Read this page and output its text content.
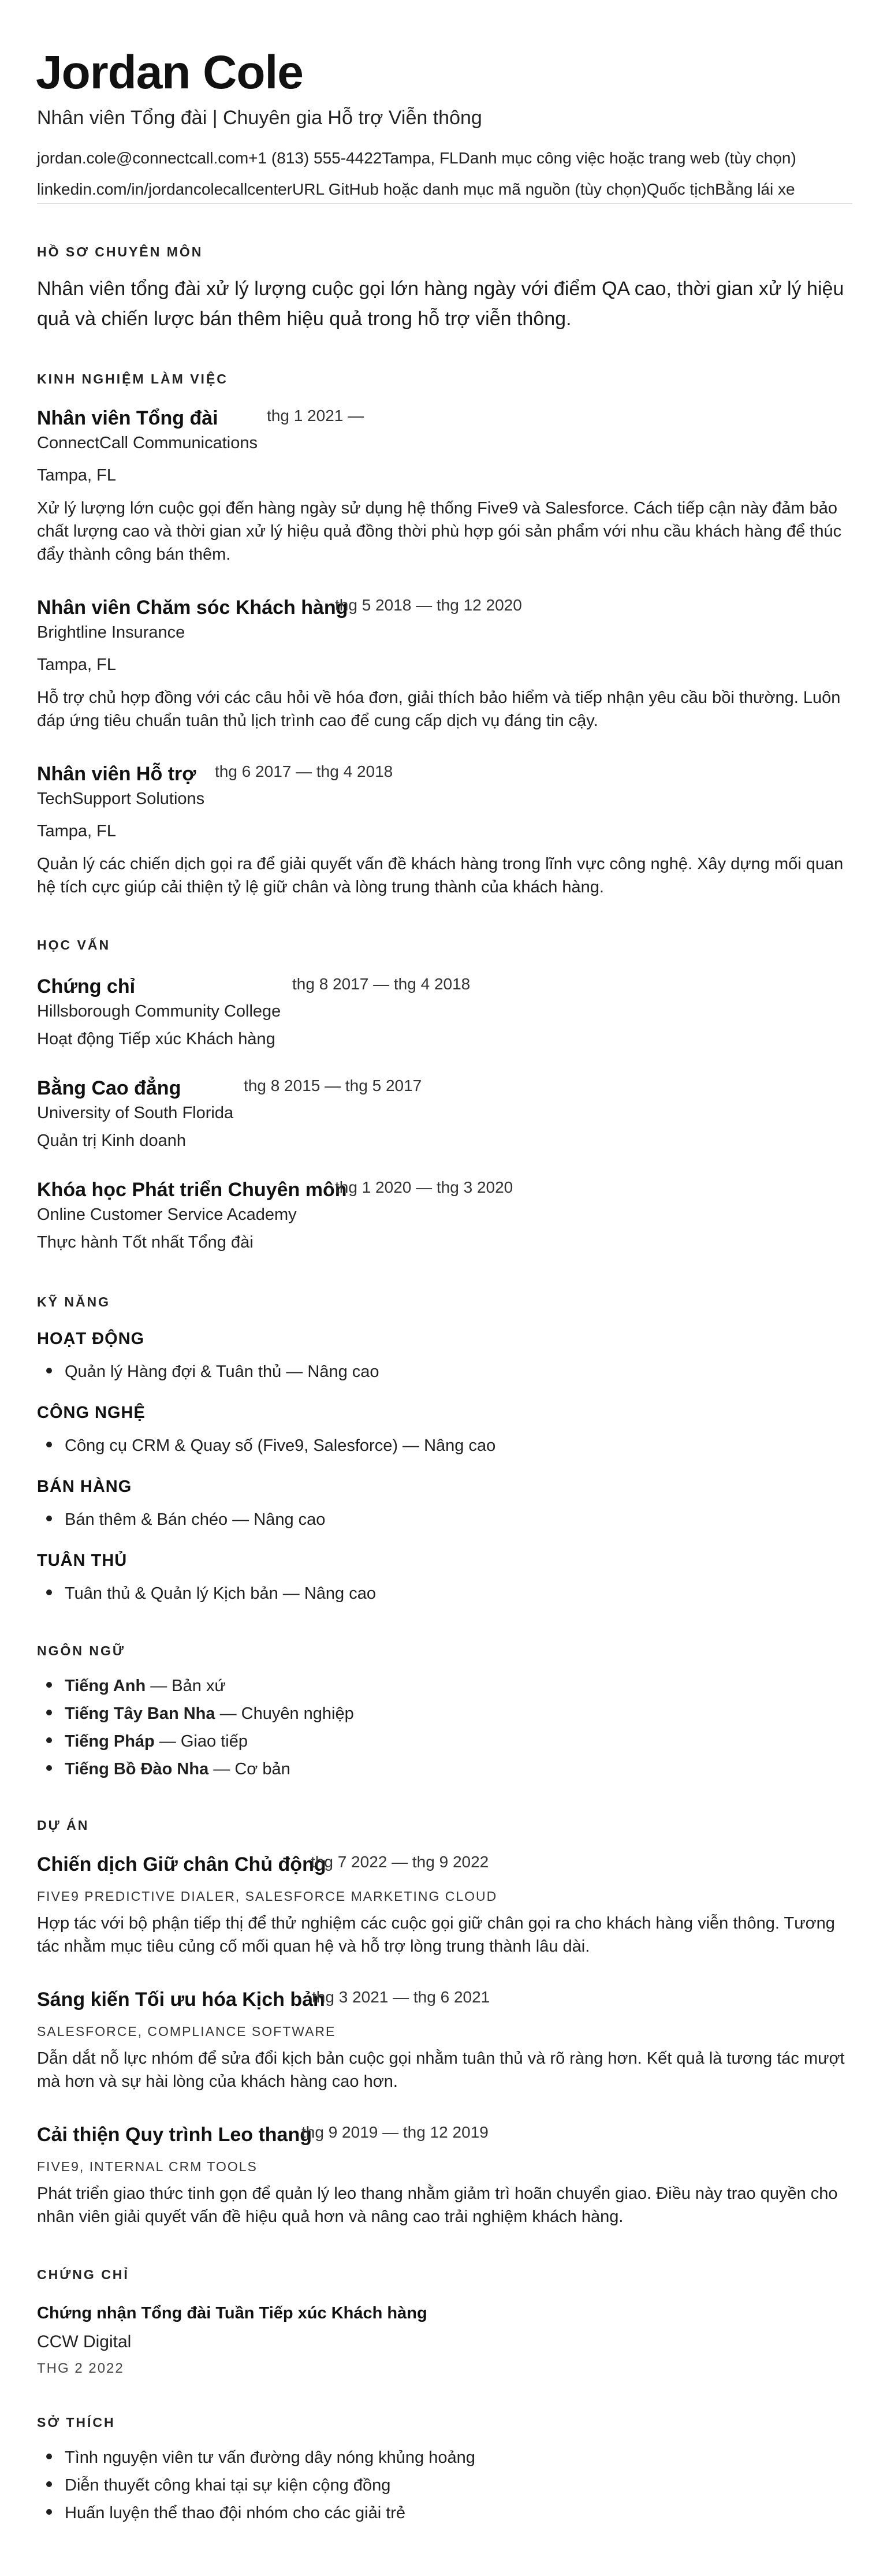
Jordan Cole
Nhân viên Tổng đài | Chuyên gia Hỗ trợ Viễn thông
jordan.cole@connectcall.com+1 (813) 555-4422Tampa, FLDanh mục công việc hoặc trang web (tùy chọn)
linkedin.com/in/jordancolecallcenterURL GitHub hoặc danh mục mã nguồn (tùy chọn)Quốc tịchBằng lái xe
HỒ SƠ CHUYÊN MÔN
Nhân viên tổng đài xử lý lượng cuộc gọi lớn hàng ngày với điểm QA cao, thời gian xử lý hiệu quả và chiến lược bán thêm hiệu quả trong hỗ trợ viễn thông.
KINH NGHIỆM LÀM VIỆC
Nhân viên Tổng đài	thg 1 2021 —
ConnectCall Communications
Tampa, FL
Xử lý lượng lớn cuộc gọi đến hàng ngày sử dụng hệ thống Five9 và Salesforce. Cách tiếp cận này đảm bảo chất lượng cao và thời gian xử lý hiệu quả đồng thời phù hợp gói sản phẩm với nhu cầu khách hàng để thúc đẩy thành công bán thêm.
Nhân viên Chăm sóc Khách hàng
thg 5 2018 — thg 12 2020
Brightline Insurance
Tampa, FL
Hỗ trợ chủ hợp đồng với các câu hỏi về hóa đơn, giải thích bảo hiểm và tiếp nhận yêu cầu bồi thường. Luôn đáp ứng tiêu chuẩn tuân thủ lịch trình cao để cung cấp dịch vụ đáng tin cậy.
Nhân viên Hỗ trợ thg 6 2017 — thg 4 2018
TechSupport Solutions
Tampa, FL
Quản lý các chiến dịch gọi ra để giải quyết vấn đề khách hàng trong lĩnh vực công nghệ. Xây dựng mối quan hệ tích cực giúp cải thiện tỷ lệ giữ chân và lòng trung thành của khách hàng.
HỌC VẤN
Chứng chỉ	thg 8 2017 — thg 4 2018
Hillsborough Community College
Hoạt động Tiếp xúc Khách hàng
Bằng Cao đẳng	thg 8 2015 — thg 5 2017
University of South Florida
Quản trị Kinh doanh
Khóa học Phát triển Chuyên môn
thg 1 2020 — thg 3 2020
Online Customer Service Academy
Thực hành Tốt nhất Tổng đài
KỸ NĂNG
HOẠT ĐỘNG
Quản lý Hàng đợi & Tuân thủ — Nâng cao
CÔNG NGHỆ
Công cụ CRM & Quay số (Five9, Salesforce) — Nâng cao
BÁN HÀNG
Bán thêm & Bán chéo — Nâng cao
TUÂN THỦ
Tuân thủ & Quản lý Kịch bản — Nâng cao
NGÔN NGỮ
Tiếng Anh — Bản xứ
Tiếng Tây Ban Nha — Chuyên nghiệp
Tiếng Pháp — Giao tiếp
Tiếng Bồ Đào Nha — Cơ bản
DỰ ÁN
Chiến dịch Giữ chân Chủ động
thg 7 2022 — thg 9 2022
FIVE9 PREDICTIVE DIALER, SALESFORCE MARKETING CLOUD
Hợp tác với bộ phận tiếp thị để thử nghiệm các cuộc gọi giữ chân gọi ra cho khách hàng viễn thông. Tương tác nhằm mục tiêu củng cố mối quan hệ và hỗ trợ lòng trung thành lâu dài.
Sáng kiến Tối ưu hóa Kịch bản
thg 3 2021 — thg 6 2021
SALESFORCE, COMPLIANCE SOFTWARE
Dẫn dắt nỗ lực nhóm để sửa đổi kịch bản cuộc gọi nhằm tuân thủ và rõ ràng hơn. Kết quả là tương tác mượt mà hơn và sự hài lòng của khách hàng cao hơn.
Cải thiện Quy trình Leo thang
thg 9 2019 — thg 12 2019
FIVE9, INTERNAL CRM TOOLS
Phát triển giao thức tinh gọn để quản lý leo thang nhằm giảm trì hoãn chuyển giao. Điều này trao quyền cho nhân viên giải quyết vấn đề hiệu quả hơn và nâng cao trải nghiệm khách hàng.
CHỨNG CHỈ
Chứng nhận Tổng đài Tuần Tiếp xúc Khách hàng
CCW Digital
THG 2 2022
SỞ THÍCH
Tình nguyện viên tư vấn đường dây nóng khủng hoảng
Diễn thuyết công khai tại sự kiện cộng đồng
Huấn luyện thể thao đội nhóm cho các giải trẻ
